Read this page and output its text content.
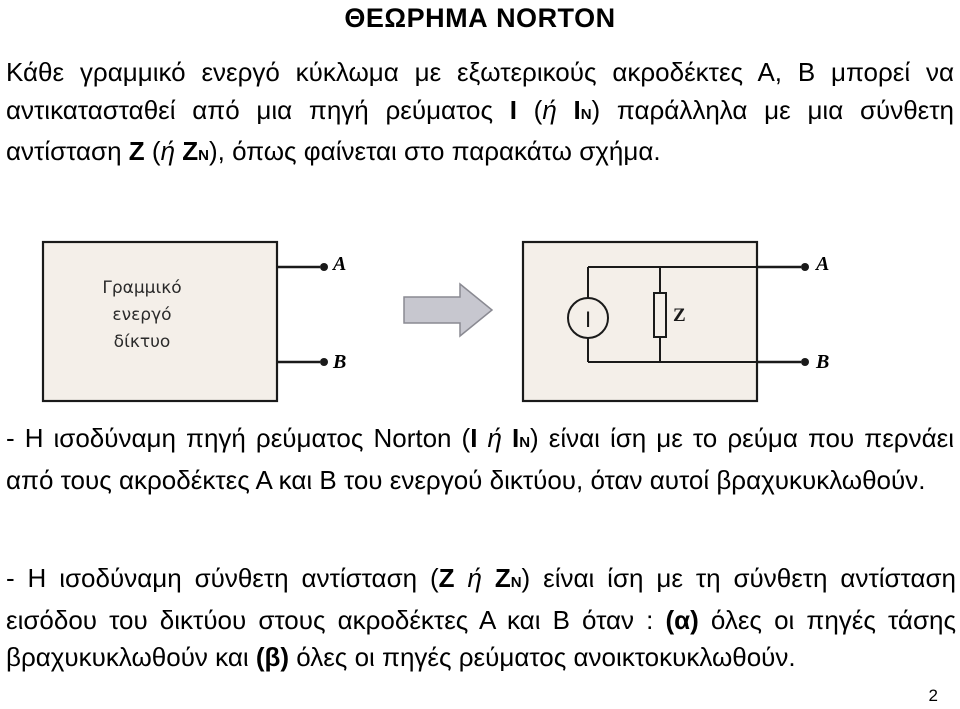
ΘΕΩΡΗΜΑ NORTON

Κάθε γραμμικό ενεργό κύκλωμα με εξωτερικούς ακροδέκτες Α, Β μπορεί να αντικατασταθεί από μια πηγή ρεύματος Ι (ή ΙΝ) παράλληλα με μια σύνθετη αντίσταση Z (ή ZΝ), όπως φαίνεται στο παρακάτω σχήμα.

Γραμμικό
ενεργό
δίκτυο
A
B
I	Z
A
B

- Η ισοδύναμη πηγή ρεύματος Norton (Ι ή ΙΝ) είναι ίση με το ρεύμα που περνάει από τους ακροδέκτες Α και Β του ενεργού δικτύου, όταν αυτοί βραχυκυκλωθούν.

- Η ισοδύναμη σύνθετη αντίσταση (Z ή ZΝ) είναι ίση με τη σύνθετη αντίσταση εισόδου του δικτύου στους ακροδέκτες Α και Β όταν : (α) όλες οι πηγές τάσης βραχυκυκλωθούν και (β) όλες οι πηγές ρεύματος ανοικτοκυκλωθούν.

2
